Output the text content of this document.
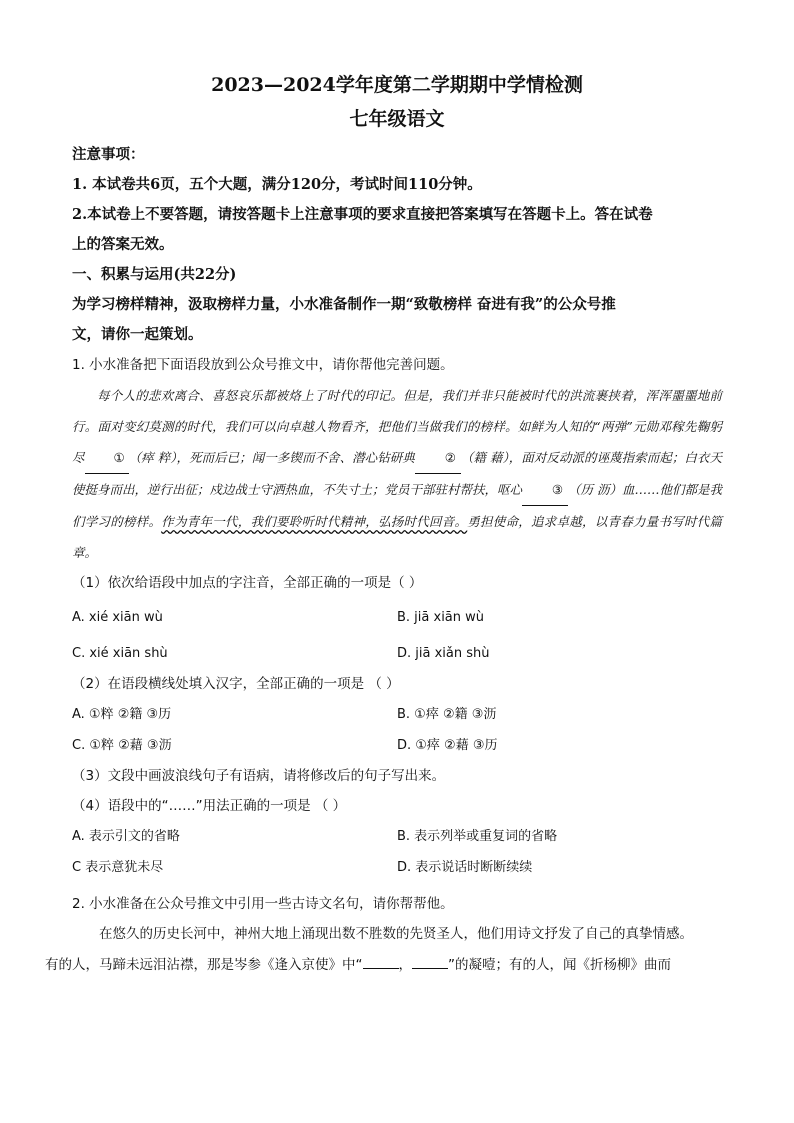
2023—2024学年度第二学期期中学情检测
七年级语文

注意事项：

1. 本试卷共6页，五个大题，满分120分，考试时间110分钟。

2.本试卷上不要答题，请按答题卡上注意事项的要求直接把答案填写在答题卡上。答在试卷

上的答案无效。

一、积累与运用(共22分)

为学习榜样精神，汲取榜样力量，小水准备制作一期“致敬榜样 奋进有我”的公众号推

文，请你一起策划。

1. 小水准备把下面语段放到公众号推文中，请你帮他完善问题。

每个人的悲欢离合、喜怒哀乐都被烙上了时代的印记。但是，我们并非只能被时代的洪流裹挟着，浑浑噩噩地前行。面对变幻莫测的时代，我们可以向卓越人物看齐，把他们当做我们的榜样。如鲜为人知的“两弹”元勋邓稼先鞠躬尽 ① （瘁 粹），死而后已；闻一多锲而不舍、潜心钻研典 ② （籍 藉），面对反动派的诬蔑指索而起；白衣天使挺身而出，逆行出征；戍边战士守洒热血，不失寸土；党员干部驻村帮扶，呕心 ③ （历 沥）血……他们都是我们学习的榜样。作为青年一代，我们要聆听时代精神，弘扬时代回音。勇担使命，追求卓越，以青春力量书写时代篇章。

（1）依次给语段中加点的字注音，全部正确的一项是（ ）

A. xié xiān wù	B. jiā xiān wù
C. xié xiān shù	D. jiā xiǎn shù

（2）在语段横线处填入汉字，全部正确的一项是 （ ）

A. ①粹 ②籍 ③历	B. ①瘁 ②籍 ③沥
C. ①粹 ②藉 ③沥	D. ①瘁 ②藉 ③历

（3）文段中画波浪线句子有语病，请将修改后的句子写出来。

（4）语段中的“……”用法正确的一项是 （ ）

A. 表示引文的省略	B. 表示列举或重复词的省略
C 表示意犹未尽	D. 表示说话时断断续续

2. 小水准备在公众号推文中引用一些古诗文名句，请你帮帮他。

在悠久的历史长河中，神州大地上涌现出数不胜数的先贤圣人，他们用诗文抒发了自己的真挚情感。
有的人，马蹄未远泪沾襟，那是岑参《逢入京使》中“	，	”的凝噎；有的人，闻《折杨柳》曲而
